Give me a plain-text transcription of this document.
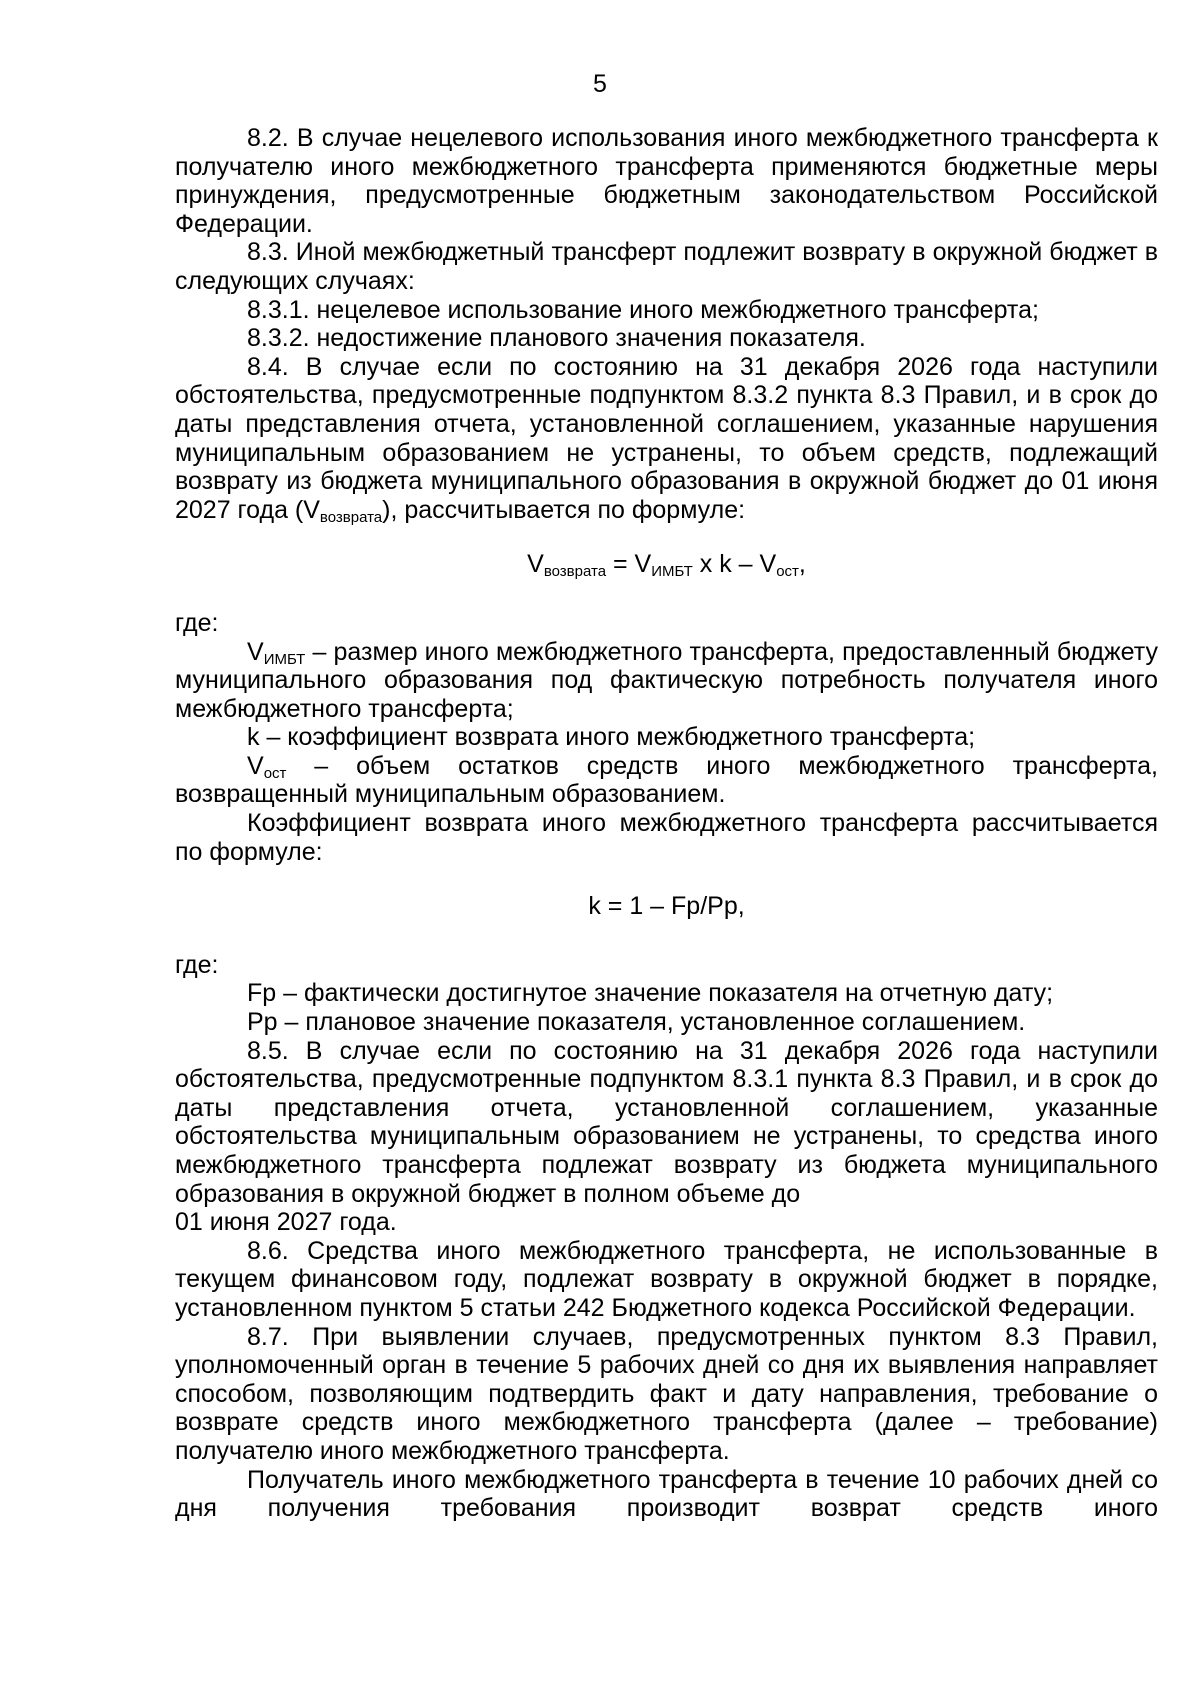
5

8.2. В случае нецелевого использования иного межбюджетного трансферта к получателю иного межбюджетного трансферта применяются бюджетные меры принуждения, предусмотренные бюджетным законодательством Российской Федерации.

8.3. Иной межбюджетный трансферт подлежит возврату в окружной бюджет в следующих случаях:

8.3.1. нецелевое использование иного межбюджетного трансферта;

8.3.2. недостижение планового значения показателя.

8.4. В случае если по состоянию на 31 декабря 2026 года наступили обстоятельства, предусмотренные подпунктом 8.3.2 пункта 8.3 Правил, и в срок до даты представления отчета, установленной соглашением, указанные нарушения муниципальным образованием не устранены, то объем средств, подлежащий возврату из бюджета муниципального образования в окружной бюджет до 01 июня 2027 года $(V_{возврата})$, рассчитывается по формуле:

$V_{возврата} = V_{ИМБТ}$ x k – $V_{ост}$,

где:

$V_{ИМБТ}$ – размер иного межбюджетного трансферта, предоставленный бюджету муниципального образования под фактическую потребность получателя иного межбюджетного трансферта;

k – коэффициент возврата иного межбюджетного трансферта;

$V_{ост}$ – объем остатков средств иного межбюджетного трансферта, возвращенный муниципальным образованием.

Коэффициент возврата иного межбюджетного трансферта рассчитывается по формуле:

k = 1 – Fp/Pp,

где:

Fp – фактически достигнутое значение показателя на отчетную дату;

Pp – плановое значение показателя, установленное соглашением.

8.5. В случае если по состоянию на 31 декабря 2026 года наступили обстоятельства, предусмотренные подпунктом 8.3.1 пункта 8.3 Правил, и в срок до даты представления отчета, установленной соглашением, указанные обстоятельства муниципальным образованием не устранены, то средства иного межбюджетного трансферта подлежат возврату из бюджета муниципального образования в окружной бюджет в полном объеме до
01 июня 2027 года.

8.6. Средства иного межбюджетного трансферта, не использованные в текущем финансовом году, подлежат возврату в окружной бюджет в порядке, установленном пунктом 5 статьи 242 Бюджетного кодекса Российской Федерации.

8.7. При выявлении случаев, предусмотренных пунктом 8.3 Правил, уполномоченный орган в течение 5 рабочих дней со дня их выявления направляет способом, позволяющим подтвердить факт и дату направления, требование о возврате средств иного межбюджетного трансферта (далее – требование) получателю иного межбюджетного трансферта.

Получатель иного межбюджетного трансферта в течение 10 рабочих дней со дня получения требования производит возврат средств иного
